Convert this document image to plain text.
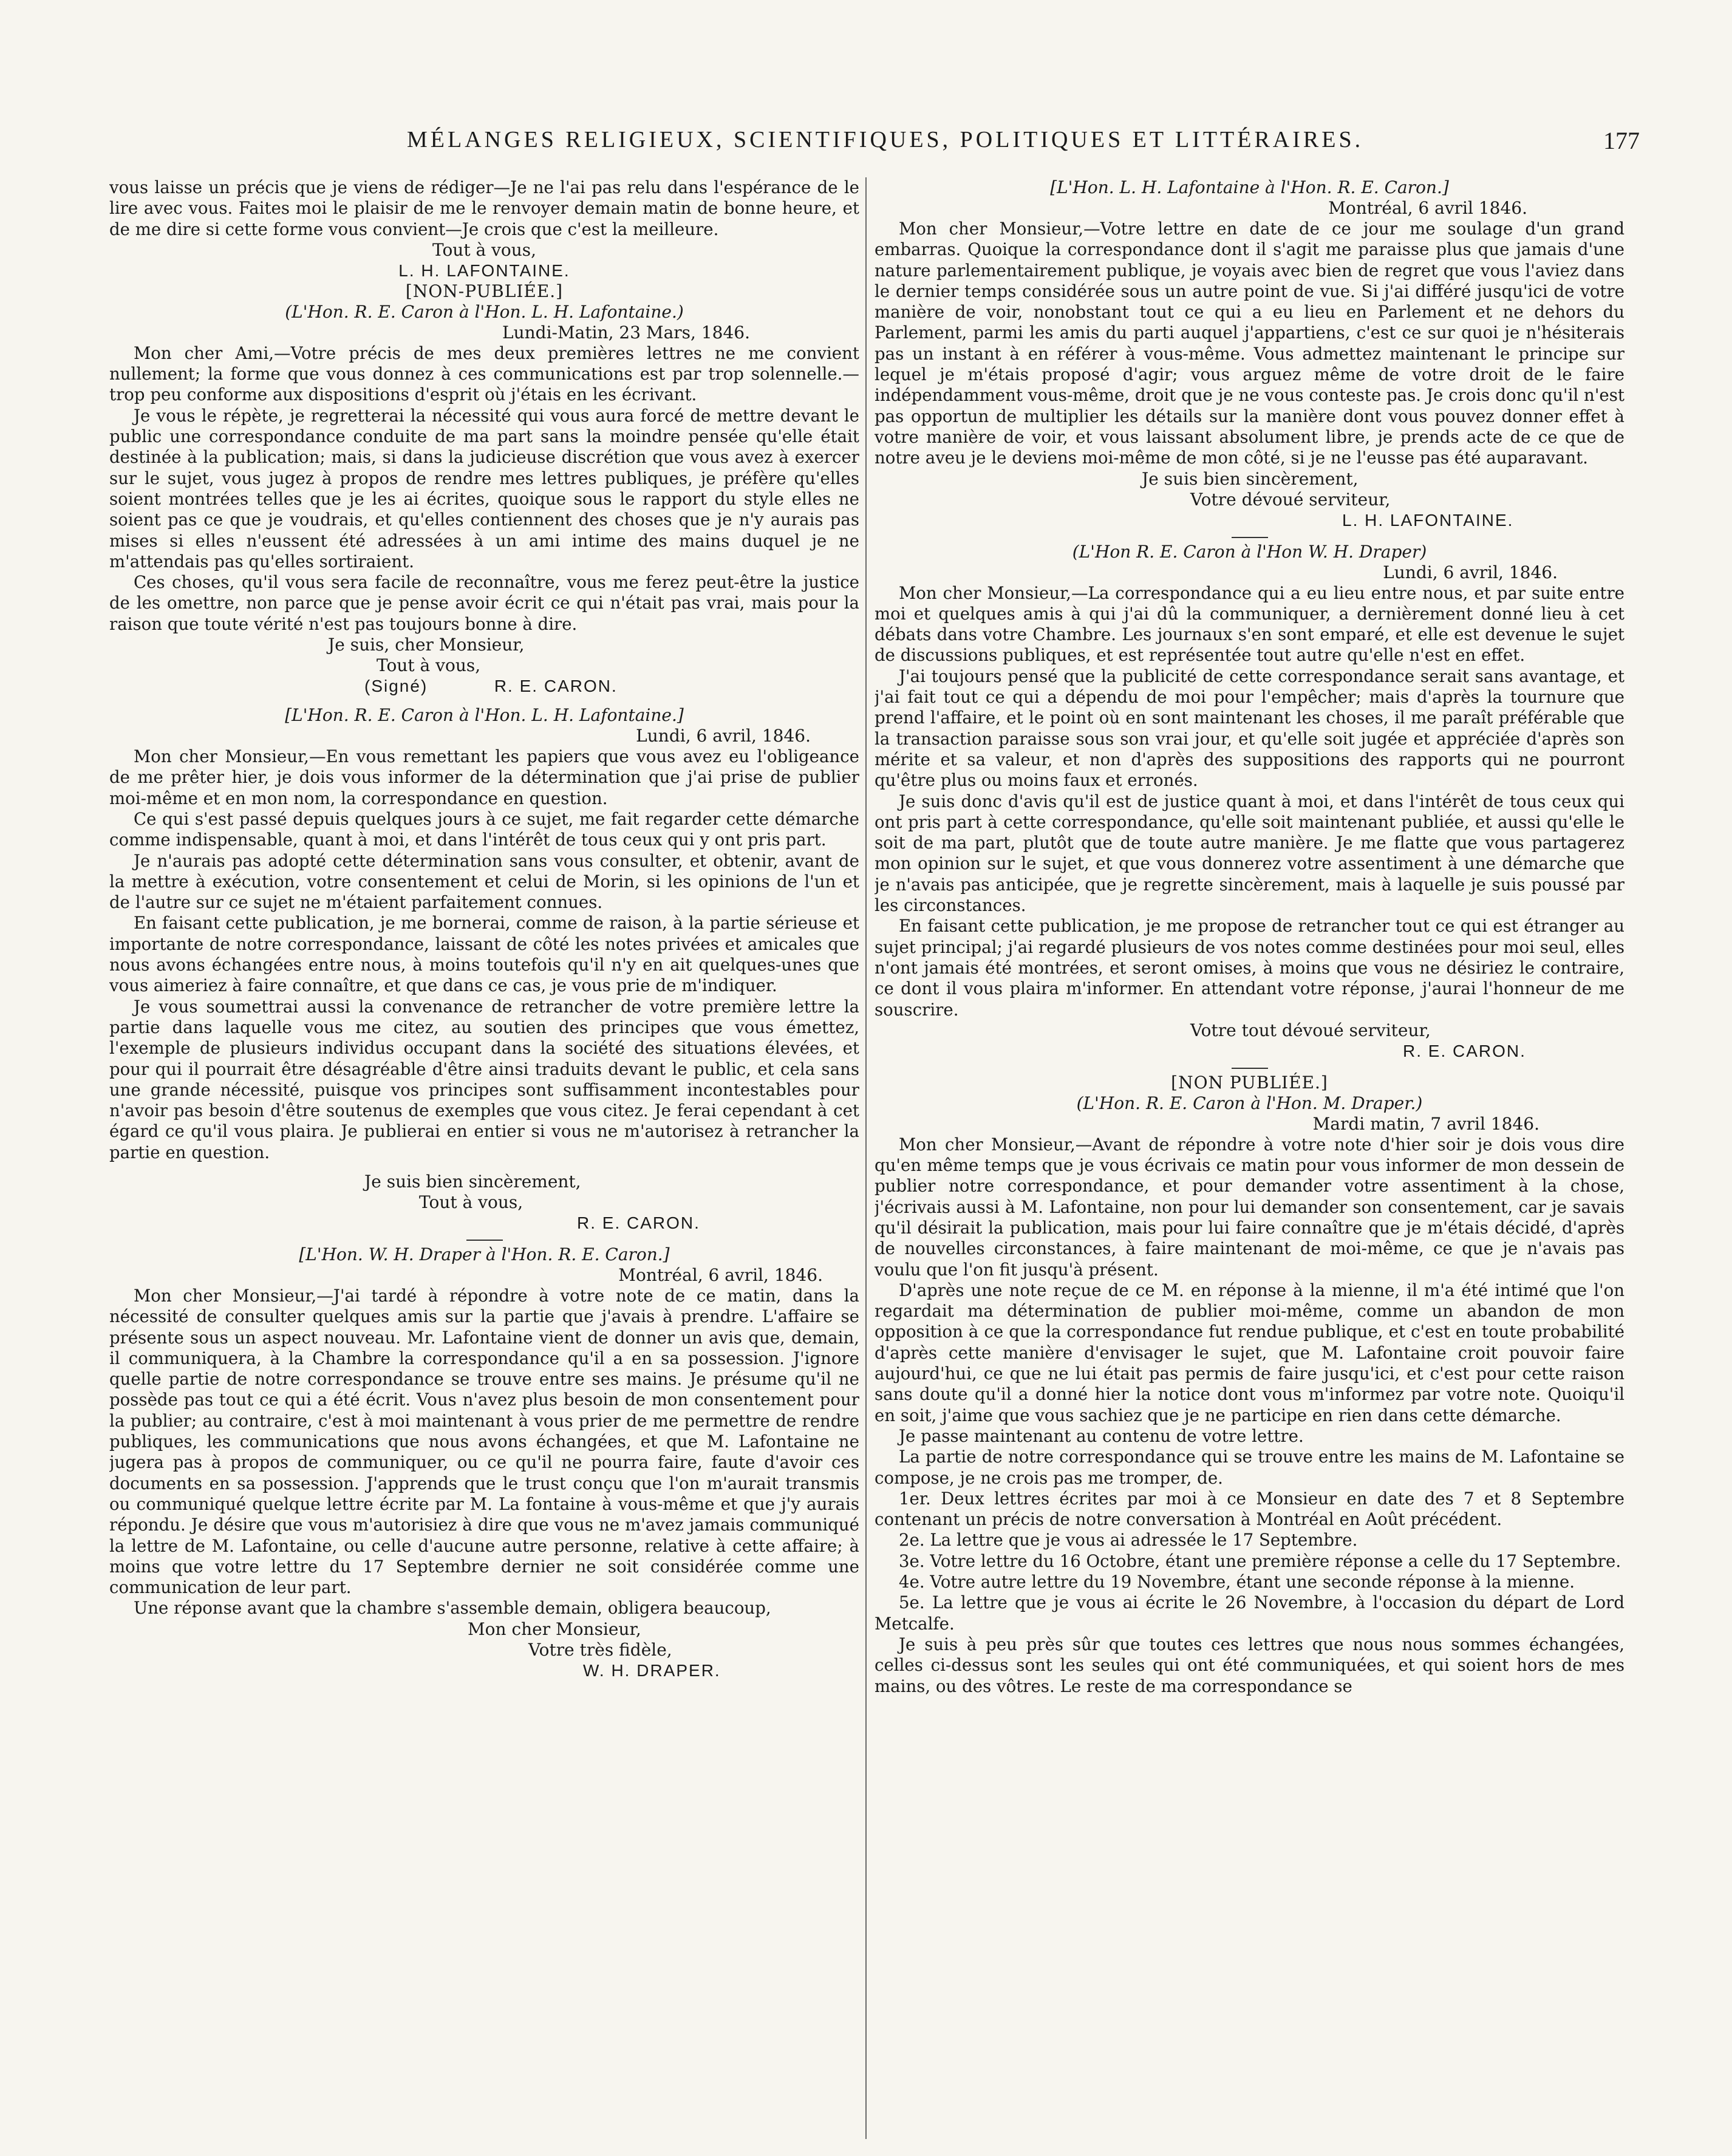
MÉLANGES RELIGIEUX, SCIENTIFIQUES, POLITIQUES ET LITTÉRAIRES.	177

vous laisse un précis que je viens de rédiger—Je ne l'ai pas relu dans l'espérance de le lire avec vous. Faites moi le plaisir de me le renvoyer demain matin de bonne heure, et de me dire si cette forme vous convient—Je crois que c'est la meilleure.

Tout à vous,
L. H. LAFONTAINE.
[NON-PUBLIÉE.]
(L'Hon. R. E. Caron à l'Hon. L. H. Lafontaine.)
Lundi-Matin, 23 Mars, 1846.

Mon cher Ami,—Votre précis de mes deux premières lettres ne me convient nullement; la forme que vous donnez à ces communications est par trop solennelle.—trop peu conforme aux dispositions d'esprit où j'étais en les écrivant.

Je vous le répète, je regretterai la nécessité qui vous aura forcé de mettre devant le public une correspondance conduite de ma part sans la moindre pensée qu'elle était destinée à la publication; mais, si dans la judicieuse discrétion que vous avez à exercer sur le sujet, vous jugez à propos de rendre mes lettres publiques, je préfère qu'elles soient montrées telles que je les ai écrites, quoique sous le rapport du style elles ne soient pas ce que je voudrais, et qu'elles contiennent des choses que je n'y aurais pas mises si elles n'eussent été adressées à un ami intime des mains duquel je ne m'attendais pas qu'elles sortiraient.

Ces choses, qu'il vous sera facile de reconnaître, vous me ferez peut-être la justice de les omettre, non parce que je pense avoir écrit ce qui n'était pas vrai, mais pour la raison que toute vérité n'est pas toujours bonne à dire.

Je suis, cher Monsieur,
Tout à vous,
(Signé)	R. E. CARON.
[L'Hon. R. E. Caron à l'Hon. L. H. Lafontaine.]
Lundi, 6 avril, 1846.

Mon cher Monsieur,—En vous remettant les papiers que vous avez eu l'obligeance de me prêter hier, je dois vous informer de la détermination que j'ai prise de publier moi-même et en mon nom, la correspondance en question.

Ce qui s'est passé depuis quelques jours à ce sujet, me fait regarder cette démarche comme indispensable, quant à moi, et dans l'intérêt de tous ceux qui y ont pris part.

Je n'aurais pas adopté cette détermination sans vous consulter, et obtenir, avant de la mettre à exécution, votre consentement et celui de Morin, si les opinions de l'un et de l'autre sur ce sujet ne m'étaient parfaitement connues.

En faisant cette publication, je me bornerai, comme de raison, à la partie sérieuse et importante de notre correspondance, laissant de côté les notes privées et amicales que nous avons échangées entre nous, à moins toutefois qu'il n'y en ait quelques-unes que vous aimeriez à faire connaître, et que dans ce cas, je vous prie de m'indiquer.

Je vous soumettrai aussi la convenance de retrancher de votre première lettre la partie dans laquelle vous me citez, au soutien des principes que vous émettez, l'exemple de plusieurs individus occupant dans la société des situations élevées, et pour qui il pourrait être désagréable d'être ainsi traduits devant le public, et cela sans une grande nécessité, puisque vos principes sont suffisamment incontestables pour n'avoir pas besoin d'être soutenus de exemples que vous citez. Je ferai cependant à cet égard ce qu'il vous plaira. Je publierai en entier si vous ne m'autorisez à retrancher la partie en question.

Je suis bien sincèrement,
Tout à vous,
R. E. CARON.
[L'Hon. W. H. Draper à l'Hon. R. E. Caron.]
Montréal, 6 avril, 1846.

Mon cher Monsieur,—J'ai tardé à répondre à votre note de ce matin, dans la nécessité de consulter quelques amis sur la partie que j'avais à prendre. L'affaire se présente sous un aspect nouveau. Mr. Lafontaine vient de donner un avis que, demain, il communiquera, à la Chambre la correspondance qu'il a en sa possession. J'ignore quelle partie de notre correspondance se trouve entre ses mains. Je présume qu'il ne possède pas tout ce qui a été écrit. Vous n'avez plus besoin de mon consentement pour la publier; au contraire, c'est à moi maintenant à vous prier de me permettre de rendre publiques, les communications que nous avons échangées, et que M. Lafontaine ne jugera pas à propos de communiquer, ou ce qu'il ne pourra faire, faute d'avoir ces documents en sa possession. J'apprends que le trust conçu que l'on m'aurait transmis ou communiqué quelque lettre écrite par M. La fontaine à vous-même et que j'y aurais répondu. Je désire que vous m'autorisiez à dire que vous ne m'avez jamais communiqué la lettre de M. Lafontaine, ou celle d'aucune autre personne, relative à cette affaire; à moins que votre lettre du 17 Septembre dernier ne soit considérée comme une communication de leur part.

Une réponse avant que la chambre s'assemble demain, obligera beaucoup,

Mon cher Monsieur,
Votre très fidèle,
W. H. DRAPER.
[L'Hon. L. H. Lafontaine à l'Hon. R. E. Caron.]
Montréal, 6 avril 1846.

Mon cher Monsieur,—Votre lettre en date de ce jour me soulage d'un grand embarras. Quoique la correspondance dont il s'agit me paraisse plus que jamais d'une nature parlementairement publique, je voyais avec bien de regret que vous l'aviez dans le dernier temps considérée sous un autre point de vue. Si j'ai différé jusqu'ici de votre manière de voir, nonobstant tout ce qui a eu lieu en Parlement et ne dehors du Parlement, parmi les amis du parti auquel j'appartiens, c'est ce sur quoi je n'hésiterais pas un instant à en référer à vous-même. Vous admettez maintenant le principe sur lequel je m'étais proposé d'agir; vous arguez même de votre droit de le faire indépendamment vous-même, droit que je ne vous conteste pas. Je crois donc qu'il n'est pas opportun de multiplier les détails sur la manière dont vous pouvez donner effet à votre manière de voir, et vous laissant absolument libre, je prends acte de ce que de notre aveu je le deviens moi-même de mon côté, si je ne l'eusse pas été auparavant.

Je suis bien sincèrement,
Votre dévoué serviteur,
L. H. LAFONTAINE.
(L'Hon R. E. Caron à l'Hon W. H. Draper)
Lundi, 6 avril, 1846.

Mon cher Monsieur,—La correspondance qui a eu lieu entre nous, et par suite entre moi et quelques amis à qui j'ai dû la communiquer, a dernièrement donné lieu à cet débats dans votre Chambre. Les journaux s'en sont emparé, et elle est devenue le sujet de discussions publiques, et est représentée tout autre qu'elle n'est en effet.

J'ai toujours pensé que la publicité de cette correspondance serait sans avantage, et j'ai fait tout ce qui a dépendu de moi pour l'empêcher; mais d'après la tournure que prend l'affaire, et le point où en sont maintenant les choses, il me paraît préférable que la transaction paraisse sous son vrai jour, et qu'elle soit jugée et appréciée d'après son mérite et sa valeur, et non d'après des suppositions des rapports qui ne pourront qu'être plus ou moins faux et erronés.

Je suis donc d'avis qu'il est de justice quant à moi, et dans l'intérêt de tous ceux qui ont pris part à cette correspondance, qu'elle soit maintenant publiée, et aussi qu'elle le soit de ma part, plutôt que de toute autre manière. Je me flatte que vous partagerez mon opinion sur le sujet, et que vous donnerez votre assentiment à une démarche que je n'avais pas anticipée, que je regrette sincèrement, mais à laquelle je suis poussé par les circonstances.

En faisant cette publication, je me propose de retrancher tout ce qui est étranger au sujet principal; j'ai regardé plusieurs de vos notes comme destinées pour moi seul, elles n'ont jamais été montrées, et seront omises, à moins que vous ne désiriez le contraire, ce dont il vous plaira m'informer. En attendant votre réponse, j'aurai l'honneur de me souscrire.

Votre tout dévoué serviteur,
R. E. CARON.
[NON PUBLIÉE.]
(L'Hon. R. E. Caron à l'Hon. M. Draper.)
Mardi matin, 7 avril 1846.

Mon cher Monsieur,—Avant de répondre à votre note d'hier soir je dois vous dire qu'en même temps que je vous écrivais ce matin pour vous informer de mon dessein de publier notre correspondance, et pour demander votre assentiment à la chose, j'écrivais aussi à M. Lafontaine, non pour lui demander son consentement, car je savais qu'il désirait la publication, mais pour lui faire connaître que je m'étais décidé, d'après de nouvelles circonstances, à faire maintenant de moi-même, ce que je n'avais pas voulu que l'on fit jusqu'à présent.

D'après une note reçue de ce M. en réponse à la mienne, il m'a été intimé que l'on regardait ma détermination de publier moi-même, comme un abandon de mon opposition à ce que la correspondance fut rendue publique, et c'est en toute probabilité d'après cette manière d'envisager le sujet, que M. Lafontaine croit pouvoir faire aujourd'hui, ce que ne lui était pas permis de faire jusqu'ici, et c'est pour cette raison sans doute qu'il a donné hier la notice dont vous m'informez par votre note. Quoiqu'il en soit, j'aime que vous sachiez que je ne participe en rien dans cette démarche.

Je passe maintenant au contenu de votre lettre.

La partie de notre correspondance qui se trouve entre les mains de M. Lafontaine se compose, je ne crois pas me tromper, de.

1er. Deux lettres écrites par moi à ce Monsieur en date des 7 et 8 Septembre contenant un précis de notre conversation à Montréal en Août précédent.

2e. La lettre que je vous ai adressée le 17 Septembre.

3e. Votre lettre du 16 Octobre, étant une première réponse a celle du 17 Septembre.

4e. Votre autre lettre du 19 Novembre, étant une seconde réponse à la mienne.

5e. La lettre que je vous ai écrite le 26 Novembre, à l'occasion du départ de Lord Metcalfe.

Je suis à peu près sûr que toutes ces lettres que nous nous sommes échangées, celles ci-dessus sont les seules qui ont été communiquées, et qui soient hors de mes mains, ou des vôtres. Le reste de ma correspondance se
